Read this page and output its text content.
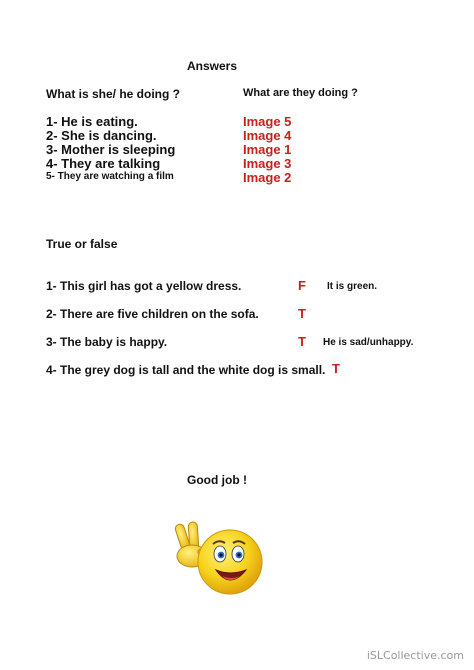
Answers
What is she/ he doing ?	What are they doing ?
1- He is eating.	Image 5
2- She is dancing.	Image 4
3- Mother is sleeping	Image 1
4- They are talking	Image 3
5- They are watching a film	Image 2
True or false
1- This girl has got a yellow dress.	F It is green.
2- There are five children on the sofa.	T
3- The baby is happy.	T He is sad/unhappy.
4- The grey dog is tall and the white dog is small. T
Good job !
iSLCollective.com
